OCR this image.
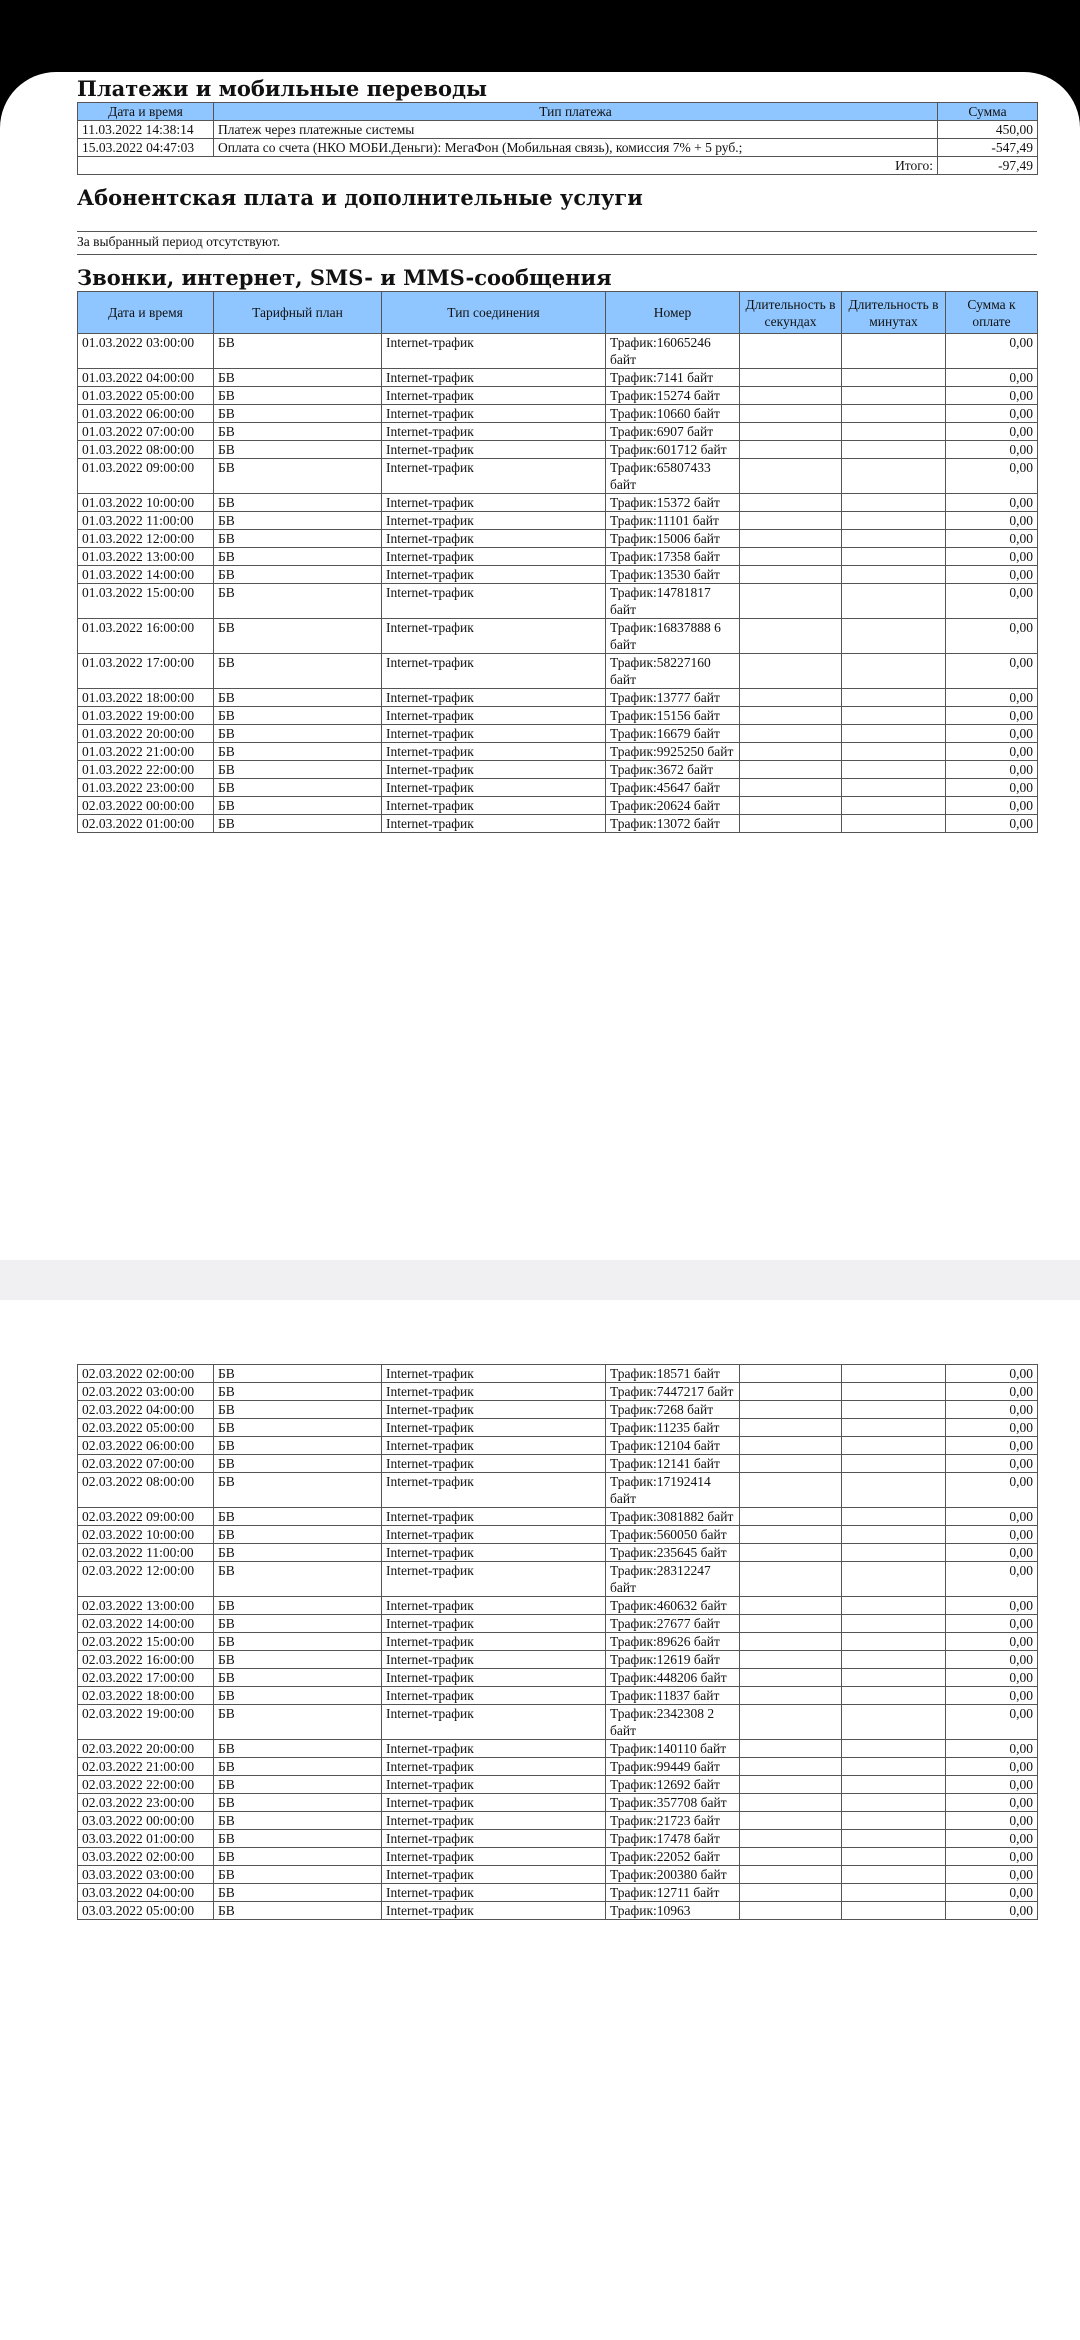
Платежи и мобильные переводы
Дата и время	Тип платежа	Сумма
11.03.2022 14:38:14	Платеж через платежные системы	450,00
15.03.2022 04:47:03	Оплата со счета (НКО МОБИ.Деньги): МегаФон (Мобильная связь), комиссия 7% + 5 руб.;	-547,49
	Итого:	-97,49
Абонентская плата и дополнительные услуги
За выбранный период отсутствуют.
Звонки, интернет, SMS- и MMS-сообщения
Дата и время	Тарифный план	Тип соединения	Номер	Длительность в секундах	Длительность в минутах	Сумма к оплате
01.03.2022 03:00:00	БВ	Internet-трафик	Трафик:16065246 байт			0,00
01.03.2022 04:00:00	БВ	Internet-трафик	Трафик:7141 байт			0,00
01.03.2022 05:00:00	БВ	Internet-трафик	Трафик:15274 байт			0,00
01.03.2022 06:00:00	БВ	Internet-трафик	Трафик:10660 байт			0,00
01.03.2022 07:00:00	БВ	Internet-трафик	Трафик:6907 байт			0,00
01.03.2022 08:00:00	БВ	Internet-трафик	Трафик:601712 байт			0,00
01.03.2022 09:00:00	БВ	Internet-трафик	Трафик:65807433 байт			0,00
01.03.2022 10:00:00	БВ	Internet-трафик	Трафик:15372 байт			0,00
01.03.2022 11:00:00	БВ	Internet-трафик	Трафик:11101 байт			0,00
01.03.2022 12:00:00	БВ	Internet-трафик	Трафик:15006 байт			0,00
01.03.2022 13:00:00	БВ	Internet-трафик	Трафик:17358 байт			0,00
01.03.2022 14:00:00	БВ	Internet-трафик	Трафик:13530 байт			0,00
01.03.2022 15:00:00	БВ	Internet-трафик	Трафик:14781817 байт			0,00
01.03.2022 16:00:00	БВ	Internet-трафик	Трафик:16837888 6 байт			0,00
01.03.2022 17:00:00	БВ	Internet-трафик	Трафик:58227160 байт			0,00
01.03.2022 18:00:00	БВ	Internet-трафик	Трафик:13777 байт			0,00
01.03.2022 19:00:00	БВ	Internet-трафик	Трафик:15156 байт			0,00
01.03.2022 20:00:00	БВ	Internet-трафик	Трафик:16679 байт			0,00
01.03.2022 21:00:00	БВ	Internet-трафик	Трафик:9925250 байт			0,00
01.03.2022 22:00:00	БВ	Internet-трафик	Трафик:3672 байт			0,00
01.03.2022 23:00:00	БВ	Internet-трафик	Трафик:45647 байт			0,00
02.03.2022 00:00:00	БВ	Internet-трафик	Трафик:20624 байт			0,00
02.03.2022 01:00:00	БВ	Internet-трафик	Трафик:13072 байт			0,00
02.03.2022 02:00:00	БВ	Internet-трафик	Трафик:18571 байт			0,00
02.03.2022 03:00:00	БВ	Internet-трафик	Трафик:7447217 байт			0,00
02.03.2022 04:00:00	БВ	Internet-трафик	Трафик:7268 байт			0,00
02.03.2022 05:00:00	БВ	Internet-трафик	Трафик:11235 байт			0,00
02.03.2022 06:00:00	БВ	Internet-трафик	Трафик:12104 байт			0,00
02.03.2022 07:00:00	БВ	Internet-трафик	Трафик:12141 байт			0,00
02.03.2022 08:00:00	БВ	Internet-трафик	Трафик:17192414 байт			0,00
02.03.2022 09:00:00	БВ	Internet-трафик	Трафик:3081882 байт			0,00
02.03.2022 10:00:00	БВ	Internet-трафик	Трафик:560050 байт			0,00
02.03.2022 11:00:00	БВ	Internet-трафик	Трафик:235645 байт			0,00
02.03.2022 12:00:00	БВ	Internet-трафик	Трафик:28312247 байт			0,00
02.03.2022 13:00:00	БВ	Internet-трафик	Трафик:460632 байт			0,00
02.03.2022 14:00:00	БВ	Internet-трафик	Трафик:27677 байт			0,00
02.03.2022 15:00:00	БВ	Internet-трафик	Трафик:89626 байт			0,00
02.03.2022 16:00:00	БВ	Internet-трафик	Трафик:12619 байт			0,00
02.03.2022 17:00:00	БВ	Internet-трафик	Трафик:448206 байт			0,00
02.03.2022 18:00:00	БВ	Internet-трафик	Трафик:11837 байт			0,00
02.03.2022 19:00:00	БВ	Internet-трафик	Трафик:2342308 2 байт			0,00
02.03.2022 20:00:00	БВ	Internet-трафик	Трафик:140110 байт			0,00
02.03.2022 21:00:00	БВ	Internet-трафик	Трафик:99449 байт			0,00
02.03.2022 22:00:00	БВ	Internet-трафик	Трафик:12692 байт			0,00
02.03.2022 23:00:00	БВ	Internet-трафик	Трафик:357708 байт			0,00
03.03.2022 00:00:00	БВ	Internet-трафик	Трафик:21723 байт			0,00
03.03.2022 01:00:00	БВ	Internet-трафик	Трафик:17478 байт			0,00
03.03.2022 02:00:00	БВ	Internet-трафик	Трафик:22052 байт			0,00
03.03.2022 03:00:00	БВ	Internet-трафик	Трафик:200380 байт			0,00
03.03.2022 04:00:00	БВ	Internet-трафик	Трафик:12711 байт			0,00
03.03.2022 05:00:00	БВ	Internet-трафик	Трафик:10963			0,00
